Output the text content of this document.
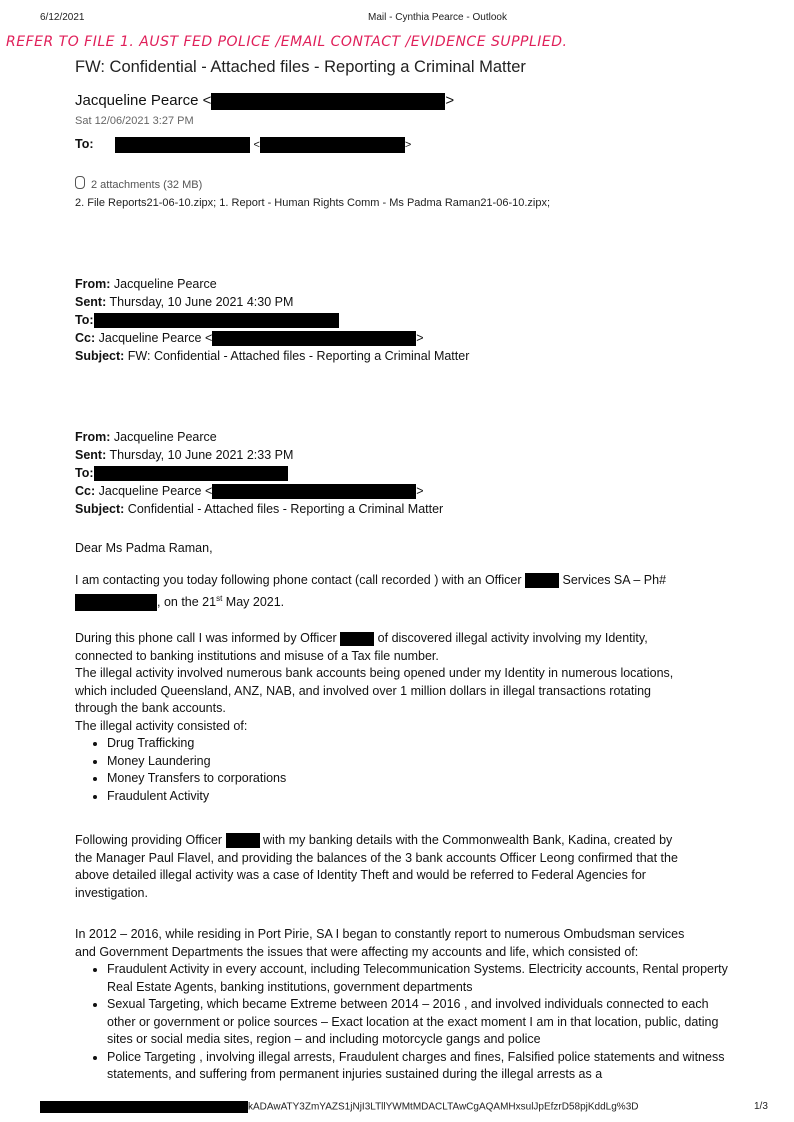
6/12/2021	Mail - Cynthia Pearce - Outlook
REFER TO FILE 1. AUST FED POLICE /EMAIL CONTACT /EVIDENCE SUPPLIED.
FW: Confidential - Attached files - Reporting a Criminal Matter
Jacqueline Pearce <	>
Sat 12/06/2021 3:27 PM
To:	<	>
2 attachments (32 MB)
2. File Reports21-06-10.zipx; 1. Report - Human Rights Comm - Ms Padma Raman21-06-10.zipx;
From: Jacqueline Pearce
Sent: Thursday, 10 June 2021 4:30 PM
To:
Cc: Jacqueline Pearce <	>
Subject: FW: Confidential - Attached files - Reporting a Criminal Matter
From: Jacqueline Pearce
Sent: Thursday, 10 June 2021 2:33 PM
To:
Cc: Jacqueline Pearce <	>
Subject: Confidential - Attached files - Reporting a Criminal Matter
Dear Ms Padma Raman,
I am contacting you today following phone contact (call recorded ) with an Officer	Services SA – Ph#
, on the 21st May 2021.
During this phone call I was informed by Officer	of discovered illegal activity involving my Identity,
connected to banking institutions and misuse of a Tax file number.
The illegal activity involved numerous bank accounts being opened under my Identity in numerous locations,
which included Queensland, ANZ, NAB, and involved over 1 million dollars in illegal transactions rotating
through the bank accounts.
The illegal activity consisted of:
• Drug Trafficking
• Money Laundering
• Money Transfers to corporations
• Fraudulent Activity
Following providing Officer	with my banking details with the Commonwealth Bank, Kadina, created by
the Manager Paul Flavel, and providing the balances of the 3 bank accounts Officer Leong confirmed that the
above detailed illegal activity was a case of Identity Theft and would be referred to Federal Agencies for
investigation.
In 2012 – 2016, while residing in Port Pirie, SA I began to constantly report to numerous Ombudsman services
and Government Departments the issues that were affecting my accounts and life, which consisted of:
• Fraudulent Activity in every account, including Telecommunication Systems. Electricity accounts, Rental property Real Estate Agents, banking institutions, government departments
• Sexual Targeting, which became Extreme between 2014 – 2016 , and involved individuals connected to each other or government or police sources – Exact location at the exact moment I am in that location, public, dating sites or social media sites, region – and including motorcycle gangs and police
• Police Targeting , involving illegal arrests, Fraudulent charges and fines, Falsified police statements and witness statements, and suffering from permanent injuries sustained during the illegal arrests as a
kADAwATY3ZmYAZS1jNjI3LTllYWMtMDACLTAwCgAQAMHxsulJpEfzrD58pjKddLg%3D	1/3
